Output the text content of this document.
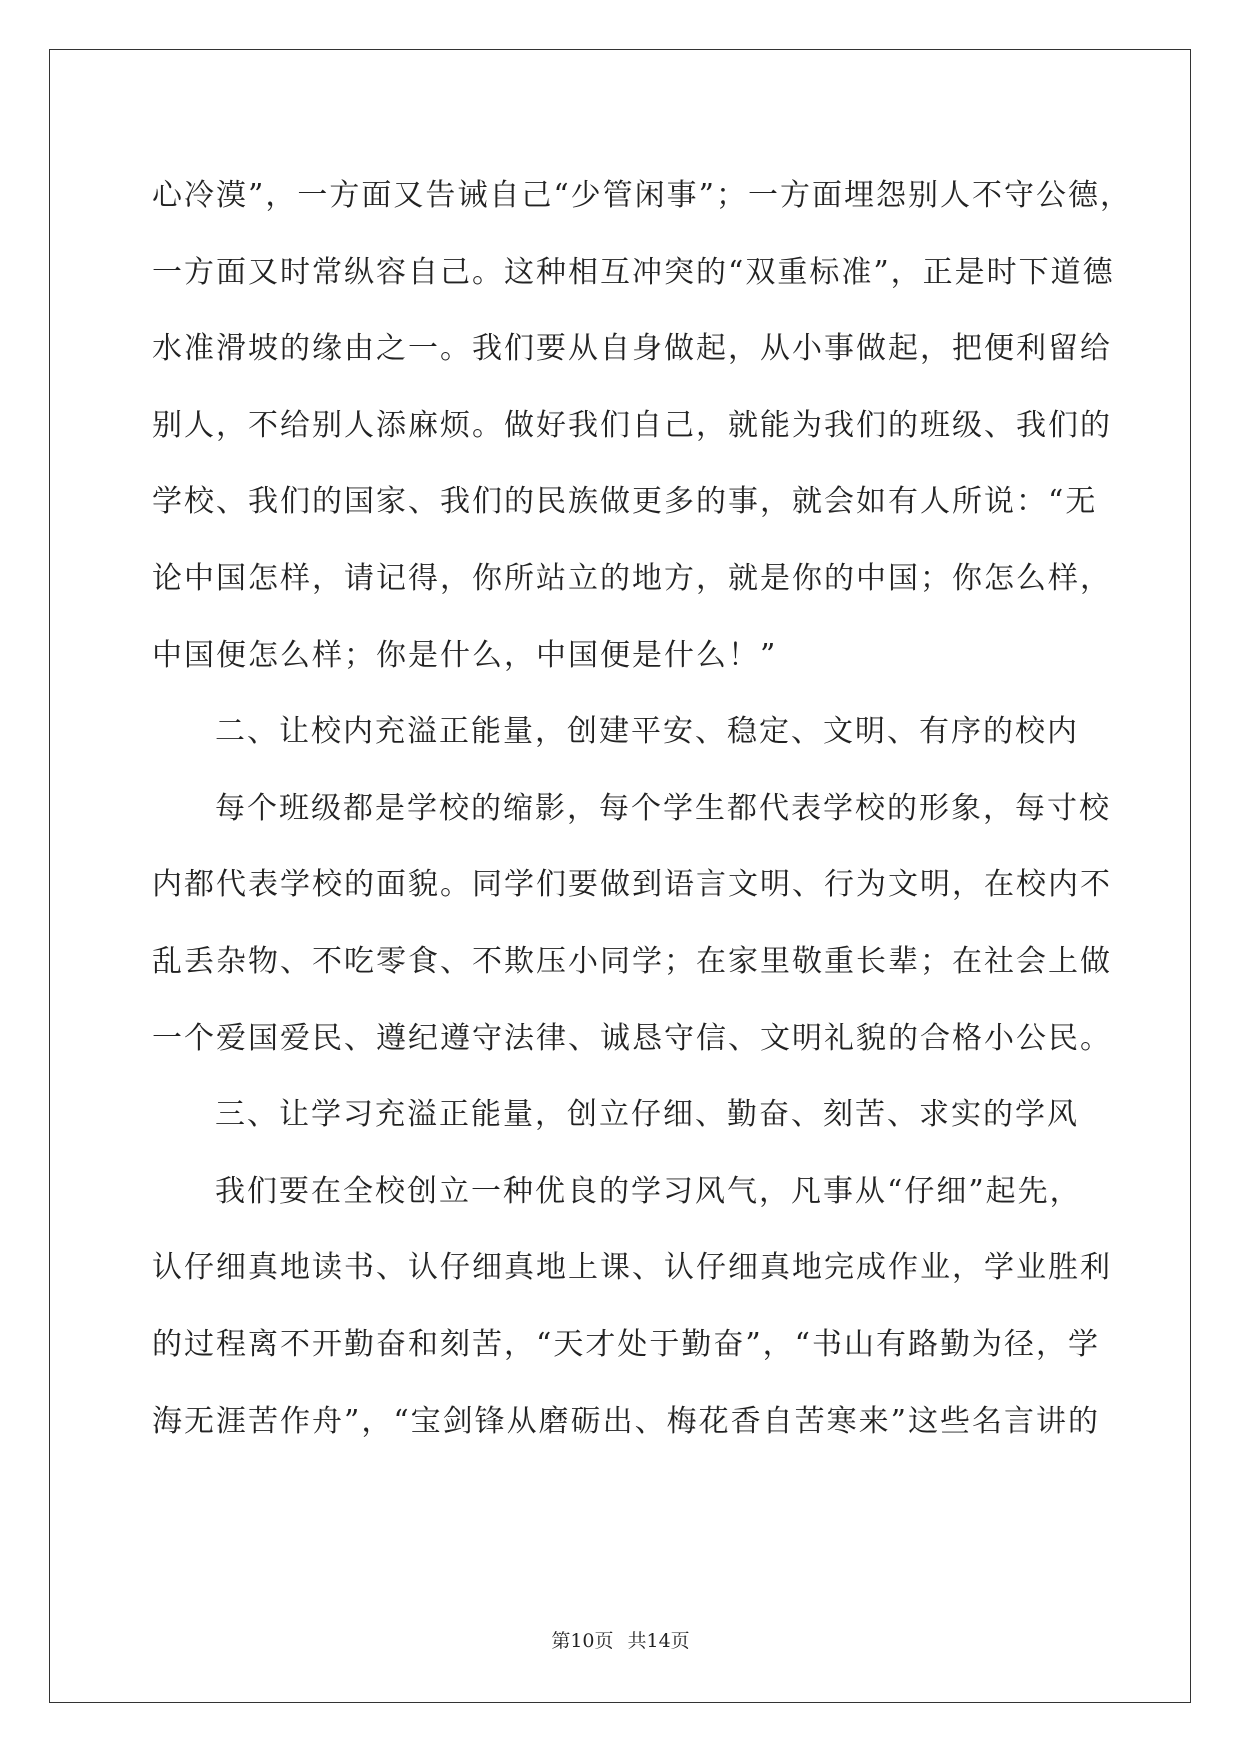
心冷漠”，一方面又告诫自己“少管闲事”；一方面埋怨别人不守公德，
一方面又时常纵容自己。这种相互冲突的“双重标准”，正是时下道德
水准滑坡的缘由之一。我们要从自身做起，从小事做起，把便利留给
别人，不给别人添麻烦。做好我们自己，就能为我们的班级、我们的
学校、我们的国家、我们的民族做更多的事，就会如有人所说：“无
论中国怎样，请记得，你所站立的地方，就是你的中国；你怎么样，
中国便怎么样；你是什么，中国便是什么！”
二、让校内充溢正能量，创建平安、稳定、文明、有序的校内
每个班级都是学校的缩影，每个学生都代表学校的形象，每寸校
内都代表学校的面貌。同学们要做到语言文明、行为文明，在校内不
乱丢杂物、不吃零食、不欺压小同学；在家里敬重长辈；在社会上做
一个爱国爱民、遵纪遵守法律、诚恳守信、文明礼貌的合格小公民。
三、让学习充溢正能量，创立仔细、勤奋、刻苦、求实的学风
我们要在全校创立一种优良的学习风气，凡事从“仔细”起先，
认仔细真地读书、认仔细真地上课、认仔细真地完成作业，学业胜利
的过程离不开勤奋和刻苦，“天才处于勤奋”，“书山有路勤为径，学
海无涯苦作舟”，“宝剑锋从磨砺出、梅花香自苦寒来”这些名言讲的
第10页 共14页
